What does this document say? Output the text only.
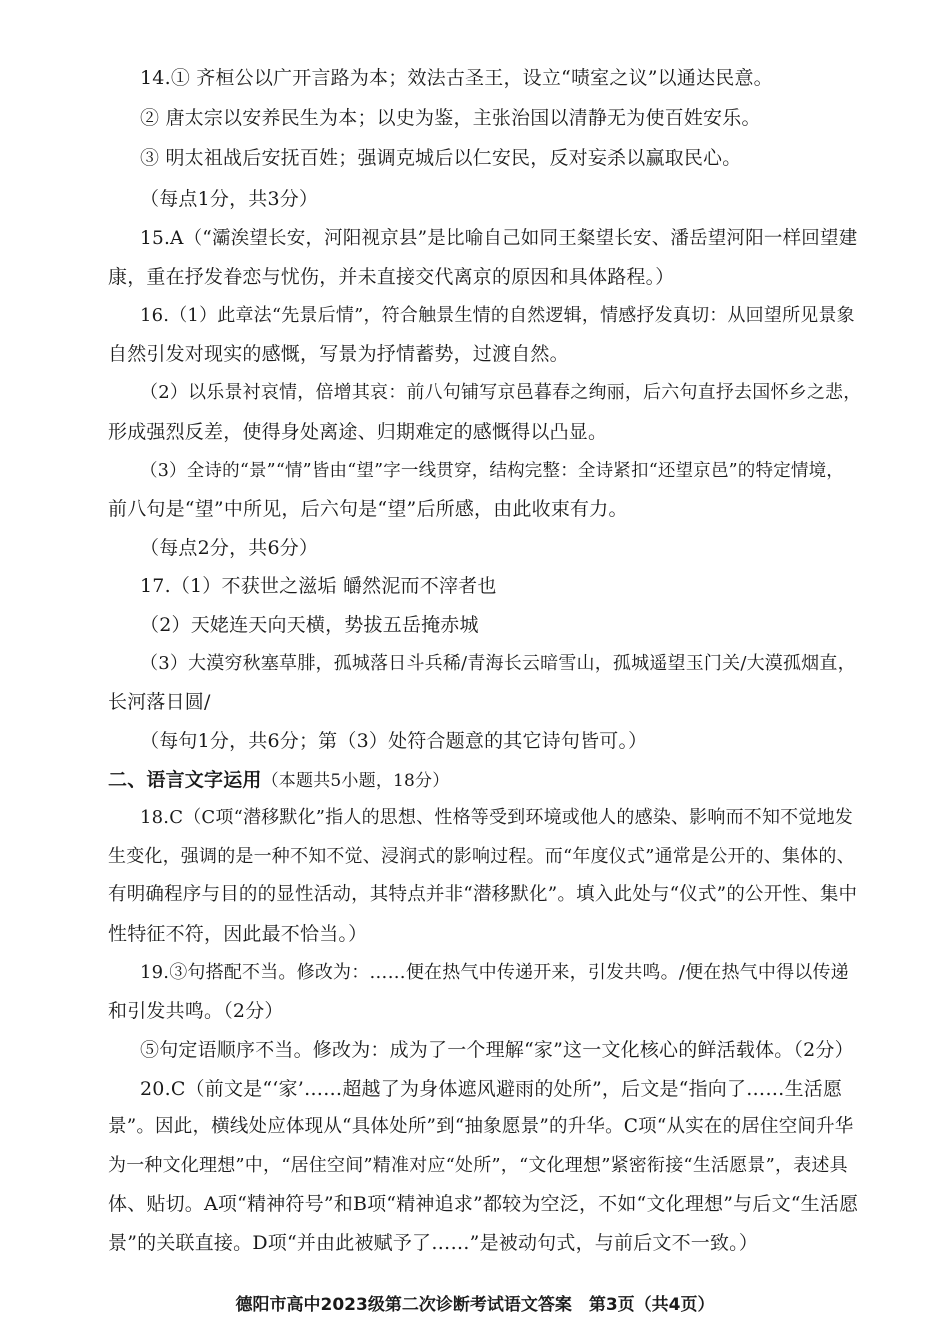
14.① 齐桓公以广开言路为本；效法古圣王，设立“啧室之议”以通达民意。
② 唐太宗以安养民生为本；以史为鉴，主张治国以清静无为使百姓安乐。
③ 明太祖战后安抚百姓；强调克城后以仁安民，反对妄杀以赢取民心。
（每点1分，共3分）
15.A（“灞涘望长安，河阳视京县”是比喻自己如同王粲望长安、潘岳望河阳一样回望建
康，重在抒发眷恋与忧伤，并未直接交代离京的原因和具体路程。）
16.（1）此章法“先景后情”，符合触景生情的自然逻辑，情感抒发真切：从回望所见景象
自然引发对现实的感慨，写景为抒情蓄势，过渡自然。
（2）以乐景衬哀情，倍增其哀：前八句铺写京邑暮春之绚丽，后六句直抒去国怀乡之悲，
形成强烈反差，使得身处离途、归期难定的感慨得以凸显。
（3）全诗的“景”“情”皆由“望”字一线贯穿，结构完整：全诗紧扣“还望京邑”的特定情境，
前八句是“望”中所见，后六句是“望”后所感，由此收束有力。
（每点2分，共6分）
17.（1）不获世之滋垢 皭然泥而不滓者也
（2）天姥连天向天横，势拔五岳掩赤城
（3）大漠穷秋塞草腓，孤城落日斗兵稀/青海长云暗雪山，孤城遥望玉门关/大漠孤烟直，
长河落日圆/
（每句1分，共6分；第（3）处符合题意的其它诗句皆可。）
二、语言文字运用（本题共5小题，18分）
18.C（C项“潜移默化”指人的思想、性格等受到环境或他人的感染、影响而不知不觉地发
生变化，强调的是一种不知不觉、浸润式的影响过程。而“年度仪式”通常是公开的、集体的、
有明确程序与目的的显性活动，其特点并非“潜移默化”。填入此处与“仪式”的公开性、集中
性特征不符，因此最不恰当。）
19.③句搭配不当。修改为：……便在热气中传递开来，引发共鸣。/便在热气中得以传递
和引发共鸣。（2分）
⑤句定语顺序不当。修改为：成为了一个理解“家”这一文化核心的鲜活载体。（2分）
20.C（前文是“‘家’……超越了为身体遮风避雨的处所”，后文是“指向了……生活愿
景”。因此，横线处应体现从“具体处所”到“抽象愿景”的升华。C项“从实在的居住空间升华
为一种文化理想”中，“居住空间”精准对应“处所”，“文化理想”紧密衔接“生活愿景”，表述具
体、贴切。A项“精神符号”和B项“精神追求”都较为空泛，不如“文化理想”与后文“生活愿
景”的关联直接。D项“并由此被赋予了……”是被动句式，与前后文不一致。）
德阳市高中2023级第二次诊断考试语文答案　第3页（共4页）
